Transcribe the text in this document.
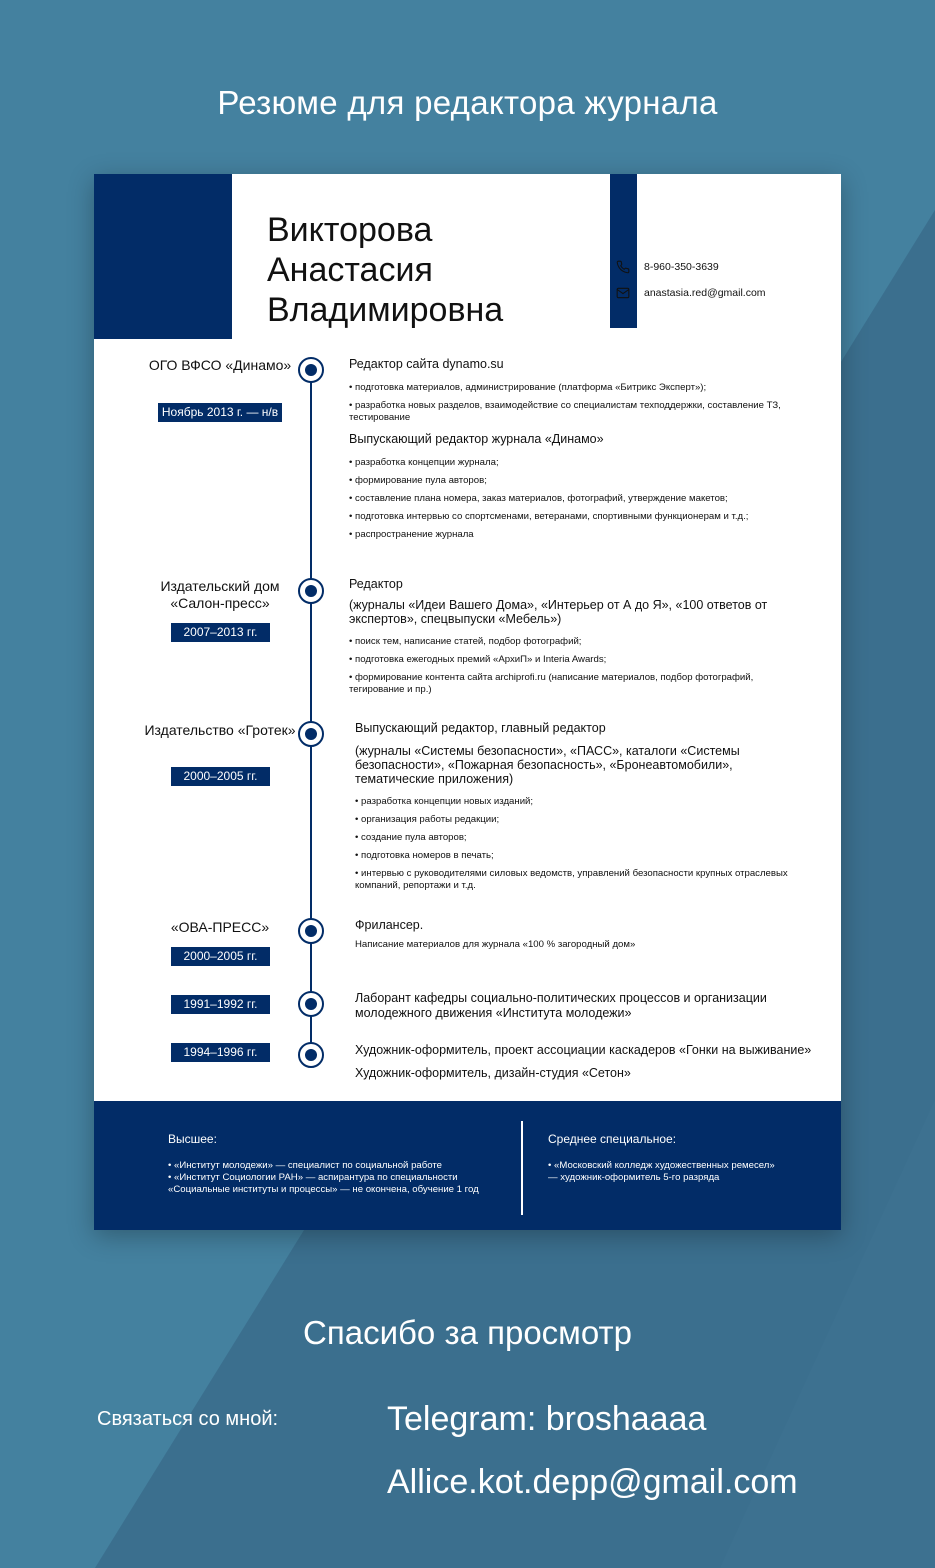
Резюме для редактора журнала
Викторова
Анастасия
Владимировна
8-960-350-3639
anastasia.red@gmail.com
ОГО ВФСО «Динамо»
Ноябрь 2013 г. — н/в
Редактор сайта dynamo.su
• подготовка материалов, администрирование (платформа «Битрикс Эксперт»);
• разработка новых разделов, взаимодействие со специалистам техподдержки, составление ТЗ, тестирование
Выпускающий редактор журнала «Динамо»
• разработка концепции журнала;
• формирование пула авторов;
• составление плана номера, заказ материалов, фотографий, утверждение макетов;
• подготовка интервью со спортсменами, ветеранами, спортивными функционерам и т.д.;
• распространение журнала
Издательский дом «Салон-пресс»
2007–2013 гг.
Редактор
(журналы «Идеи Вашего Дома», «Интерьер от А до Я», «100 ответов от экспертов», спецвыпуски «Мебель»)
• поиск тем, написание статей, подбор фотографий;
• подготовка ежегодных премий «АрхиП» и Interia Awards;
• формирование контента сайта archiprofi.ru (написание материалов, подбор фотографий, тегирование и пр.)
Издательство «Гротек»
2000–2005 гг.
Выпускающий редактор, главный редактор
(журналы «Системы безопасности», «ПАСС», каталоги «Системы безопасности», «Пожарная безопасность», «Бронеавтомобили», тематические приложения)
• разработка концепции новых изданий;
• организация работы редакции;
• создание пула авторов;
• подготовка номеров в печать;
• интервью с руководителями силовых ведомств, управлений безопасности крупных отраслевых компаний, репортажи и т.д.
«ОВА-ПРЕСС»
2000–2005 гг.
Фрилансер.
Написание материалов для журнала «100 % загородный дом»
1991–1992 гг.	Лаборант кафедры социально-политических процессов и организации молодежного движения «Института молодежи»
1994–1996 гг.	Художник-оформитель, проект ассоциации каскадеров «Гонки на выживание»
Художник-оформитель, дизайн-студия «Сетон»
Высшее:
• «Институт молодежи» — специалист по социальной работе
• «Институт Социологии РАН» — аспирантура по специальности
«Социальные институты и процессы» — не окончена, обучение 1 год
Среднее специальное:
• «Московский колледж художественных ремесел»
— художник-оформитель 5-го разряда
Спасибо за просмотр
Связаться со мной:	Telegram: broshaaaa
Allice.kot.depp@gmail.com
